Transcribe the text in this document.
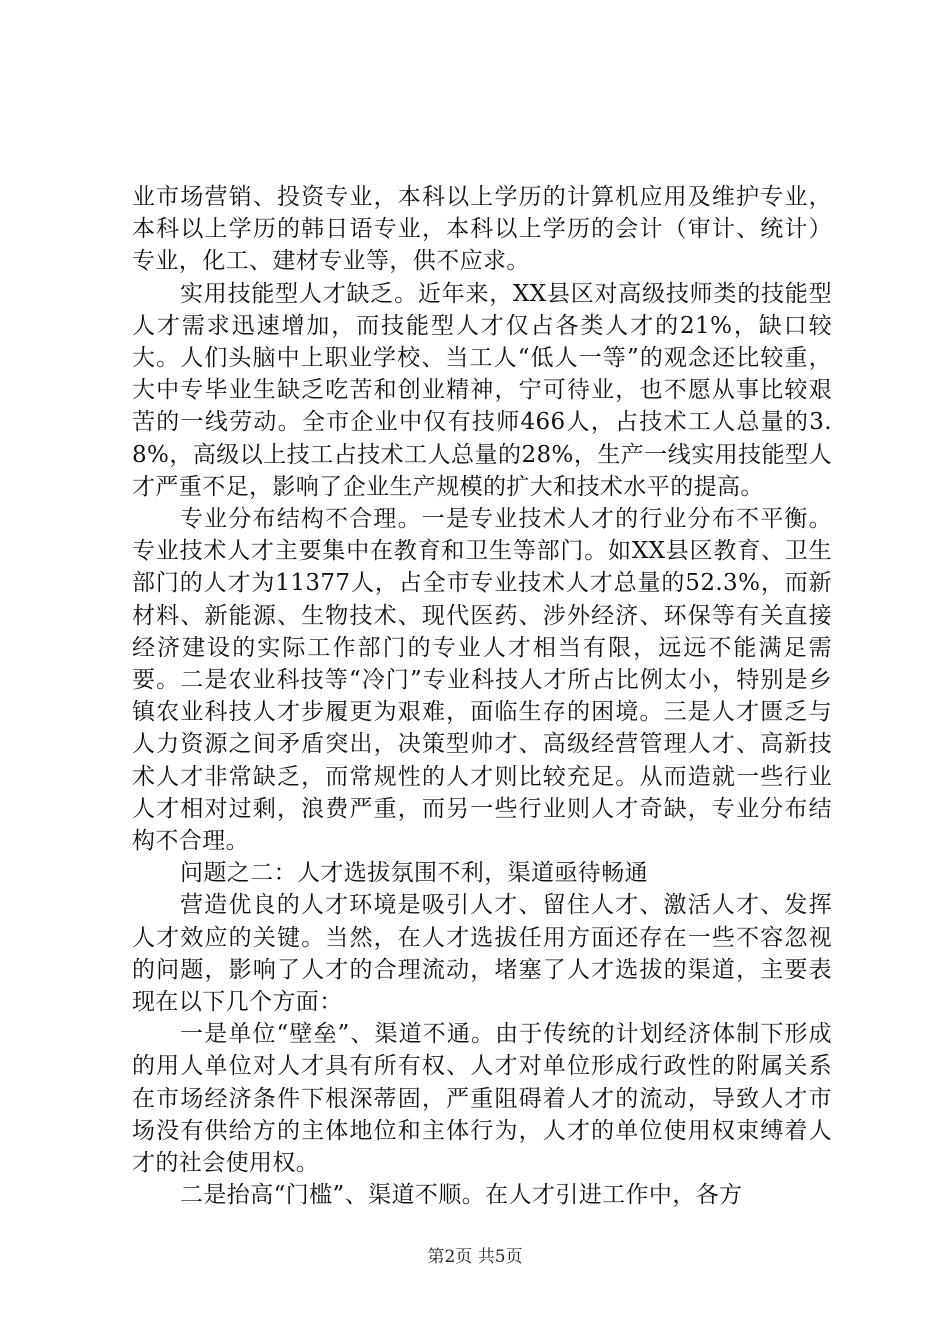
业市场营销、投资专业，本科以上学历的计算机应用及维护专业，本科以上学历的韩日语专业，本科以上学历的会计（审计、统计）专业，化工、建材专业等，供不应求。

实用技能型人才缺乏。近年来，XX县区对高级技师类的技能型人才需求迅速增加，而技能型人才仅占各类人才的21%，缺口较大。人们头脑中上职业学校、当工人“低人一等”的观念还比较重，大中专毕业生缺乏吃苦和创业精神，宁可待业，也不愿从事比较艰苦的一线劳动。全市企业中仅有技师466人，占技术工人总量的3.8%，高级以上技工占技术工人总量的28%，生产一线实用技能型人才严重不足，影响了企业生产规模的扩大和技术水平的提高。

专业分布结构不合理。一是专业技术人才的行业分布不平衡。专业技术人才主要集中在教育和卫生等部门。如XX县区教育、卫生部门的人才为11377人，占全市专业技术人才总量的52.3%，而新材料、新能源、生物技术、现代医药、涉外经济、环保等有关直接经济建设的实际工作部门的专业人才相当有限，远远不能满足需要。二是农业科技等“冷门”专业科技人才所占比例太小，特别是乡镇农业科技人才步履更为艰难，面临生存的困境。三是人才匮乏与人力资源之间矛盾突出，决策型帅才、高级经营管理人才、高新技术人才非常缺乏，而常规性的人才则比较充足。从而造就一些行业人才相对过剩，浪费严重，而另一些行业则人才奇缺，专业分布结构不合理。

问题之二：人才选拔氛围不利，渠道亟待畅通

营造优良的人才环境是吸引人才、留住人才、激活人才、发挥人才效应的关键。当然，在人才选拔任用方面还存在一些不容忽视的问题，影响了人才的合理流动，堵塞了人才选拔的渠道，主要表现在以下几个方面：

一是单位“壁垒”、渠道不通。由于传统的计划经济体制下形成的用人单位对人才具有所有权、人才对单位形成行政性的附属关系在市场经济条件下根深蒂固，严重阻碍着人才的流动，导致人才市场没有供给方的主体地位和主体行为，人才的单位使用权束缚着人才的社会使用权。

二是抬高“门槛”、渠道不顺。在人才引进工作中，各方

第2页 共5页
